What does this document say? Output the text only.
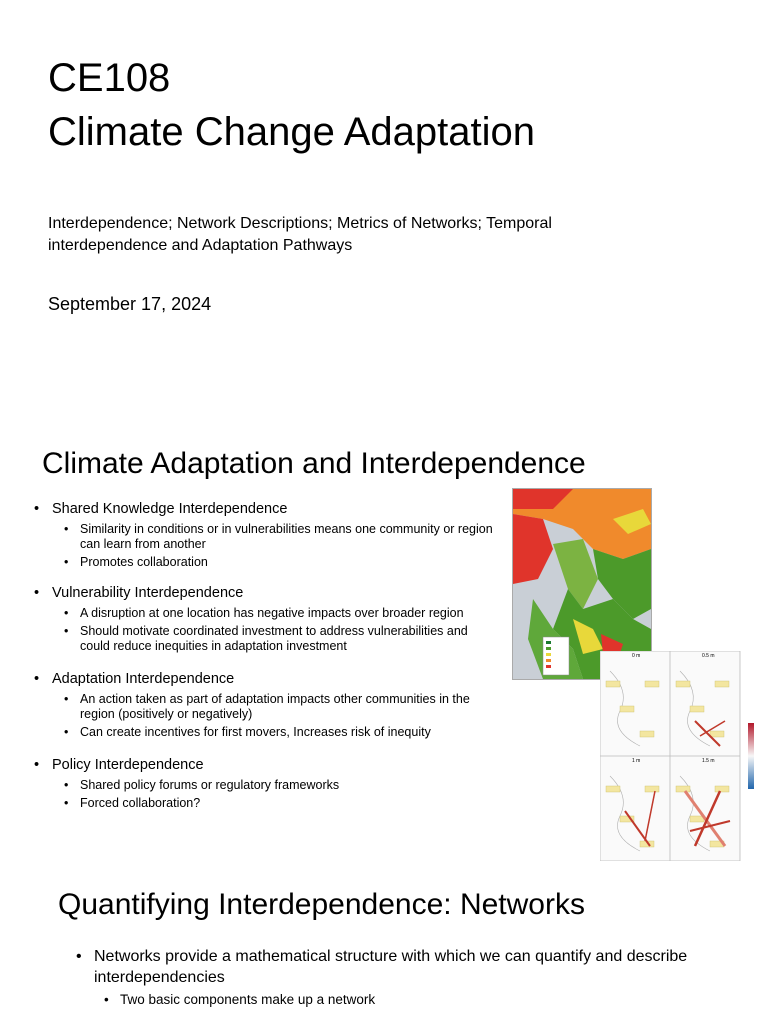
CE108
Climate Change Adaptation
Interdependence; Network Descriptions; Metrics of Networks; Temporal interdependence and Adaptation Pathways
September 17, 2024
Climate Adaptation and Interdependence
• Shared Knowledge Interdependence
• Similarity in conditions or in vulnerabilities means one community or region can learn from another
• Promotes collaboration
• Vulnerability Interdependence
• A disruption at one location has negative impacts over broader region
• Should motivate coordinated investment to address vulnerabilities and could reduce inequities in adaptation investment
• Adaptation Interdependence
• An action taken as part of adaptation impacts other communities in the region (positively or negatively)
• Can create incentives for first movers, Increases risk of inequity
• Policy Interdependence
• Shared policy forums or regulatory frameworks
• Forced collaboration?
0 m	0.5 m
1 m	1.5 m
Quantifying Interdependence: Networks
• Networks provide a mathematical structure with which we can quantify and describe interdependencies
• Two basic components make up a network
